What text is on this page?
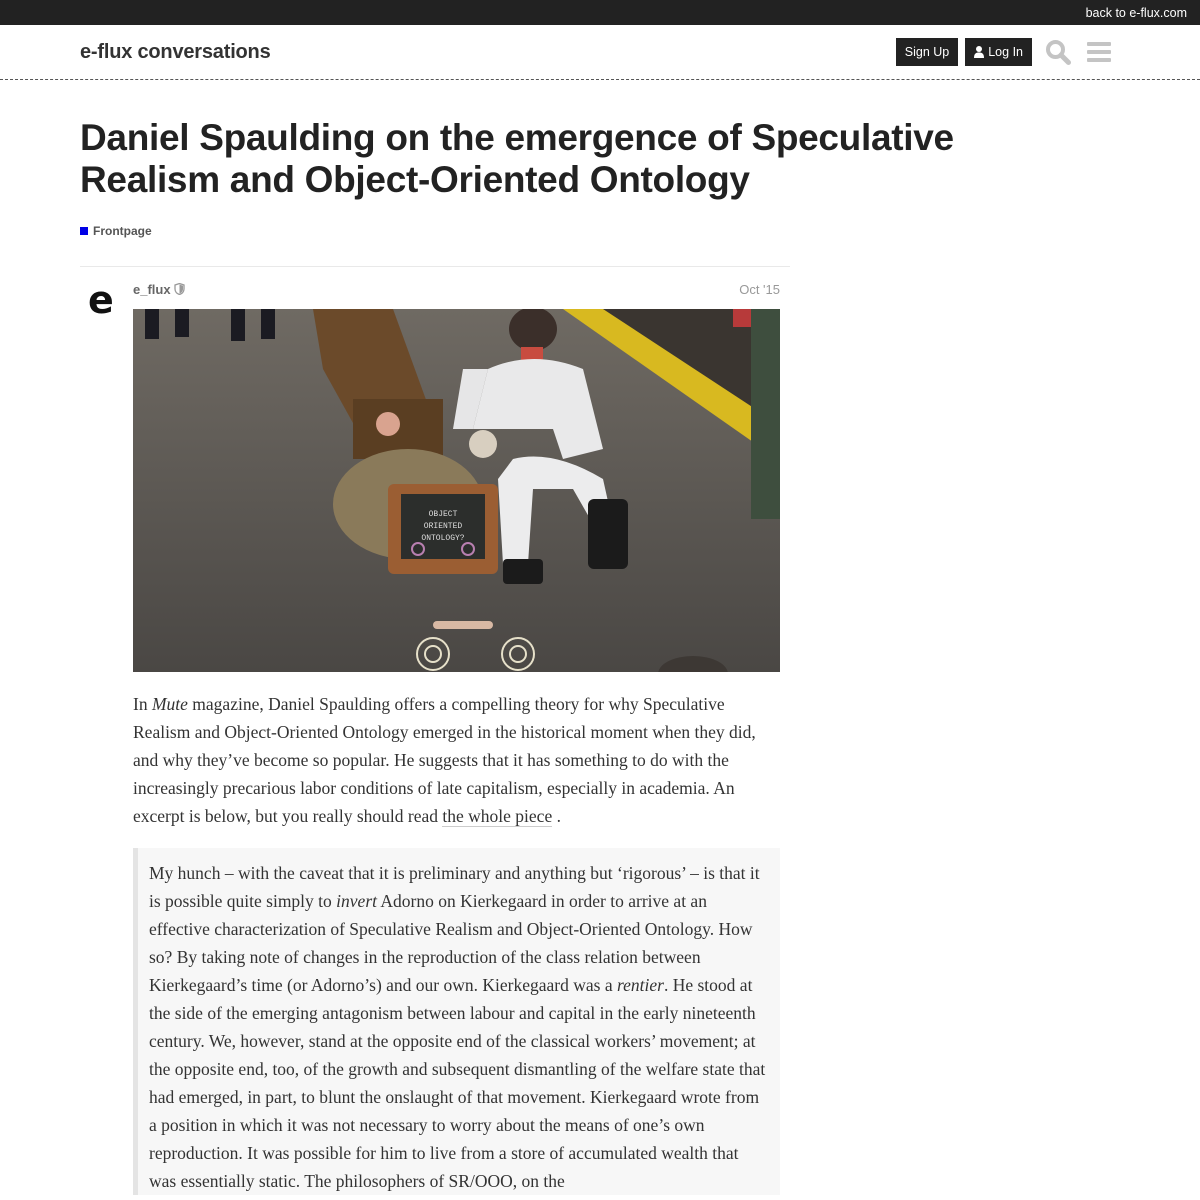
back to e-flux.com
e-flux conversations	Sign Up	Log In
Daniel Spaulding on the emergence of Speculative Realism and Object-Oriented Ontology
Frontpage
e e_flux	Oct '15
OBJECT
ORIENTED
ONTOLOGY?

In Mute magazine, Daniel Spaulding offers a compelling theory for why Speculative Realism and Object-Oriented Ontology emerged in the historical moment when they did, and why they’ve become so popular. He suggests that it has something to do with the increasingly precarious labor conditions of late capitalism, especially in academia. An excerpt is below, but you really should read the whole piece .

My hunch – with the caveat that it is preliminary and anything but ‘rigorous’ – is that it is possible quite simply to invert Adorno on Kierkegaard in order to arrive at an effective characterization of Speculative Realism and Object-Oriented Ontology. How so? By taking note of changes in the reproduction of the class relation between Kierkegaard’s time (or Adorno’s) and our own. Kierkegaard was a rentier. He stood at the side of the emerging antagonism between labour and capital in the early nineteenth century. We, however, stand at the opposite end of the classical workers’ movement; at the opposite end, too, of the growth and subsequent dismantling of the welfare state that had emerged, in part, to blunt the onslaught of that movement. Kierkegaard wrote from a position in which it was not necessary to worry about the means of one’s own reproduction. It was possible for him to live from a store of accumulated wealth that was essentially static. The philosophers of SR/OOO, on the
